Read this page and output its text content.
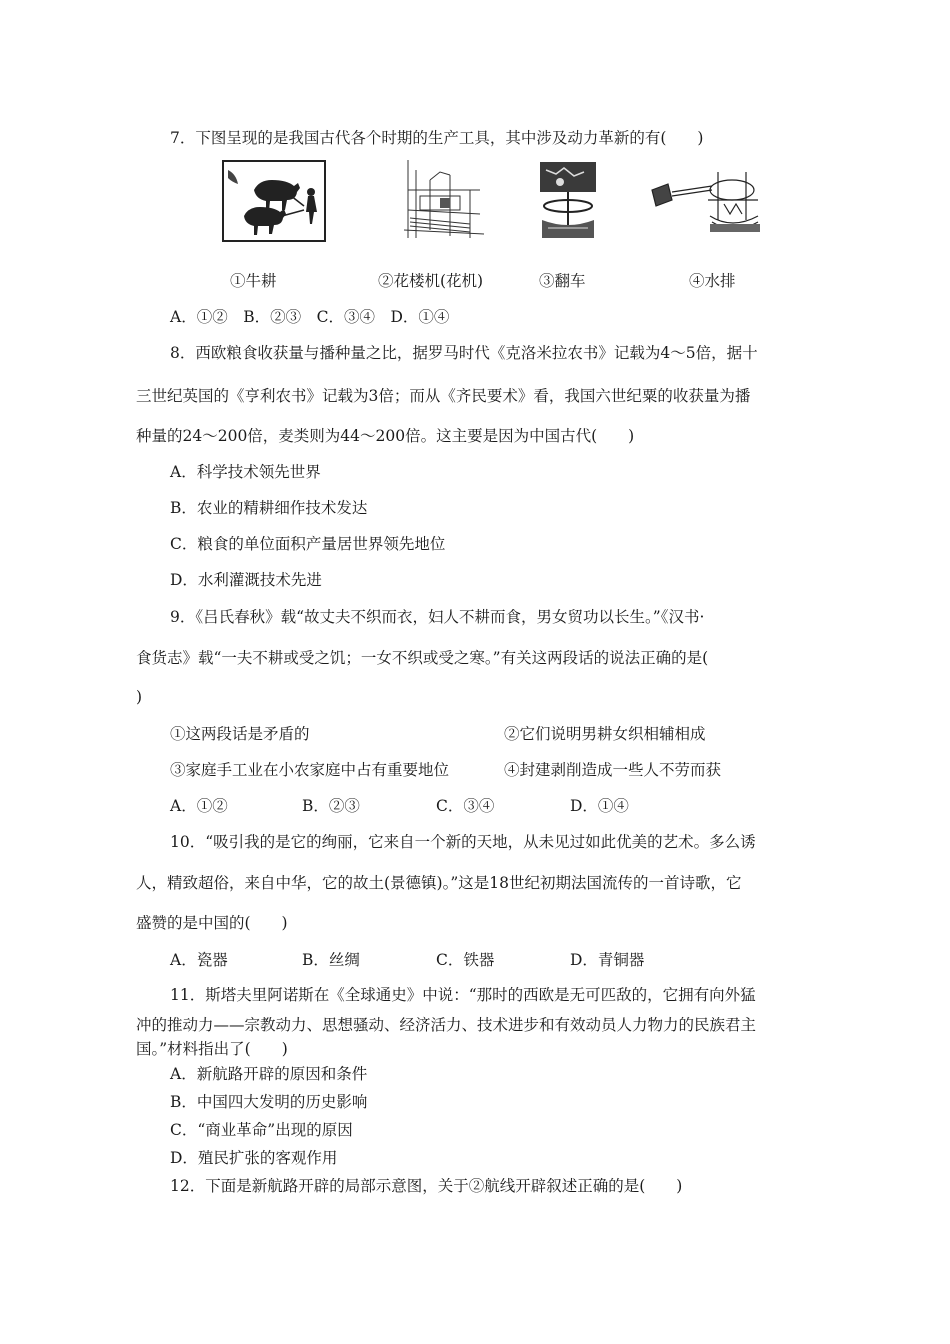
7．下图呈现的是我国古代各个时期的生产工具，其中涉及动力革新的有(　　)
①牛耕	②花楼机(花机)	③翻车	④水排
A．①②　B．②③　C．③④　D．①④
8．西欧粮食收获量与播种量之比，据罗马时代《克洛米拉农书》记载为4～5倍，据十
三世纪英国的《亨利农书》记载为3倍；而从《齐民要术》看，我国六世纪粟的收获量为播
种量的24～200倍，麦类则为44～200倍。这主要是因为中国古代(　　)
A．科学技术领先世界
B．农业的精耕细作技术发达
C．粮食的单位面积产量居世界领先地位
D．水利灌溉技术先进
9．《吕氏春秋》载“故丈夫不织而衣，妇人不耕而食，男女贸功以长生。”《汉书·
食货志》载“一夫不耕或受之饥；一女不织或受之寒。”有关这两段话的说法正确的是(
)
①这两段话是矛盾的	②它们说明男耕女织相辅相成
③家庭手工业在小农家庭中占有重要地位	④封建剥削造成一些人不劳而获
A．①②	B．②③	C．③④	D．①④
10．“吸引我的是它的绚丽，它来自一个新的天地，从未见过如此优美的艺术。多么诱
人，精致超俗，来自中华，它的故土(景德镇)。”这是18世纪初期法国流传的一首诗歌，它
盛赞的是中国的(　　)
A．瓷器	B．丝绸	C．铁器	D．青铜器
11．斯塔夫里阿诺斯在《全球通史》中说：“那时的西欧是无可匹敌的，它拥有向外猛
冲的推动力——宗教动力、思想骚动、经济活力、技术进步和有效动员人力物力的民族君主
国。”材料指出了(　　)
A．新航路开辟的原因和条件
B．中国四大发明的历史影响
C．“商业革命”出现的原因
D．殖民扩张的客观作用
12．下面是新航路开辟的局部示意图，关于②航线开辟叙述正确的是(　　)
